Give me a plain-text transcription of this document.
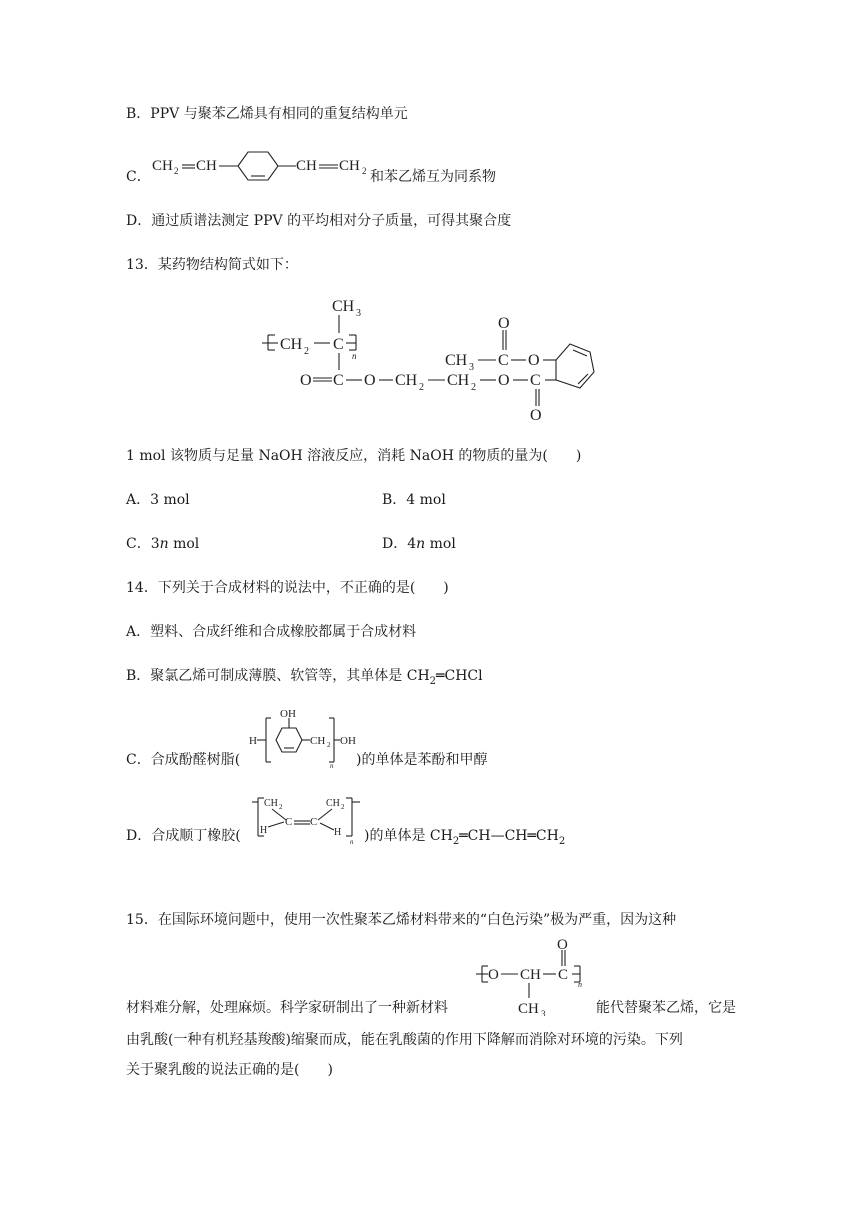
B．PPV 与聚苯乙烯具有相同的重复结构单元
C．
CH 2 CH	CH CH 2 和苯乙烯互为同系物
D．通过质谱法测定 PPV 的平均相对分子质量，可得其聚合度
13．某药物结构简式如下：
CH 2 C
n
CH 3
O C O CH 2 CH 2 O C
O
CH 3 C
O
O
1 mol 该物质与足量 NaOH 溶液反应，消耗 NaOH 的物质的量为(　　)
A．3 mol	B．4 mol
C．3n mol	D．4n mol
14．下列关于合成材料的说法中，不正确的是(　　)
A．塑料、合成纤维和合成橡胶都属于合成材料
B．聚氯乙烯可制成薄膜、软管等，其单体是 $CH_2═CHCl$
C．合成酚醛树脂(
H
OH
CH 2
n
OH
)的单体是苯酚和甲醇
D．合成顺丁橡胶(
CH 2
H
C C
CH 2
H
n )的单体是 $CH_2═CH—CH═CH_2$
15．在国际环境问题中，使用一次性聚苯乙烯材料带来的“白色污染”极为严重，因为这种
O CH C
O
n
CH 3
材料难分解，处理麻烦。科学家研制出了一种新材料	能代替聚苯乙烯，它是
由乳酸(一种有机羟基羧酸)缩聚而成，能在乳酸菌的作用下降解而消除对环境的污染。下列
关于聚乳酸的说法正确的是(　　)
